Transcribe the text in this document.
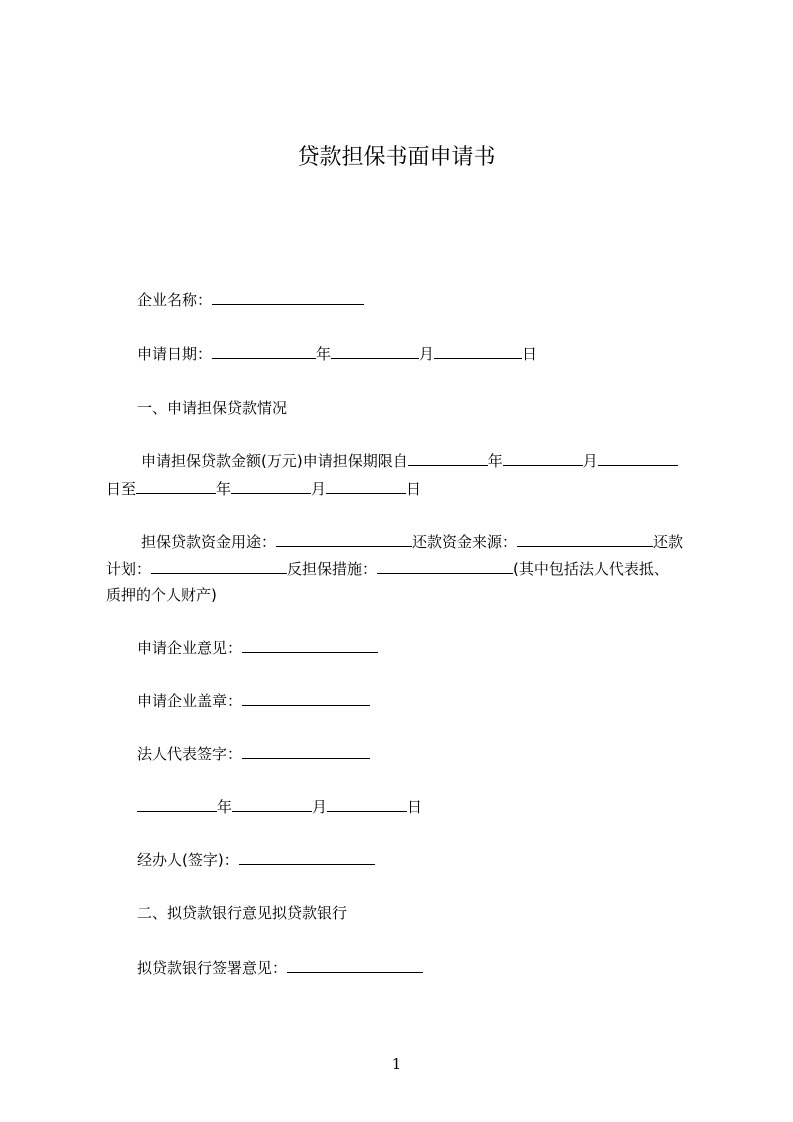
贷款担保书面申请书
企业名称：
申请日期：	年	月	日
一、申请担保贷款情况
申请担保贷款金额(万元)申请担保期限自	年	月
日至	年	月	日
担保贷款资金用途：	还款资金来源：	还款
计划：	反担保措施：	(其中包括法人代表抵、
质押的个人财产)
申请企业意见：
申请企业盖章：
法人代表签字：
年	月	日
经办人(签字)：
二、拟贷款银行意见拟贷款银行
拟贷款银行签署意见：
1
